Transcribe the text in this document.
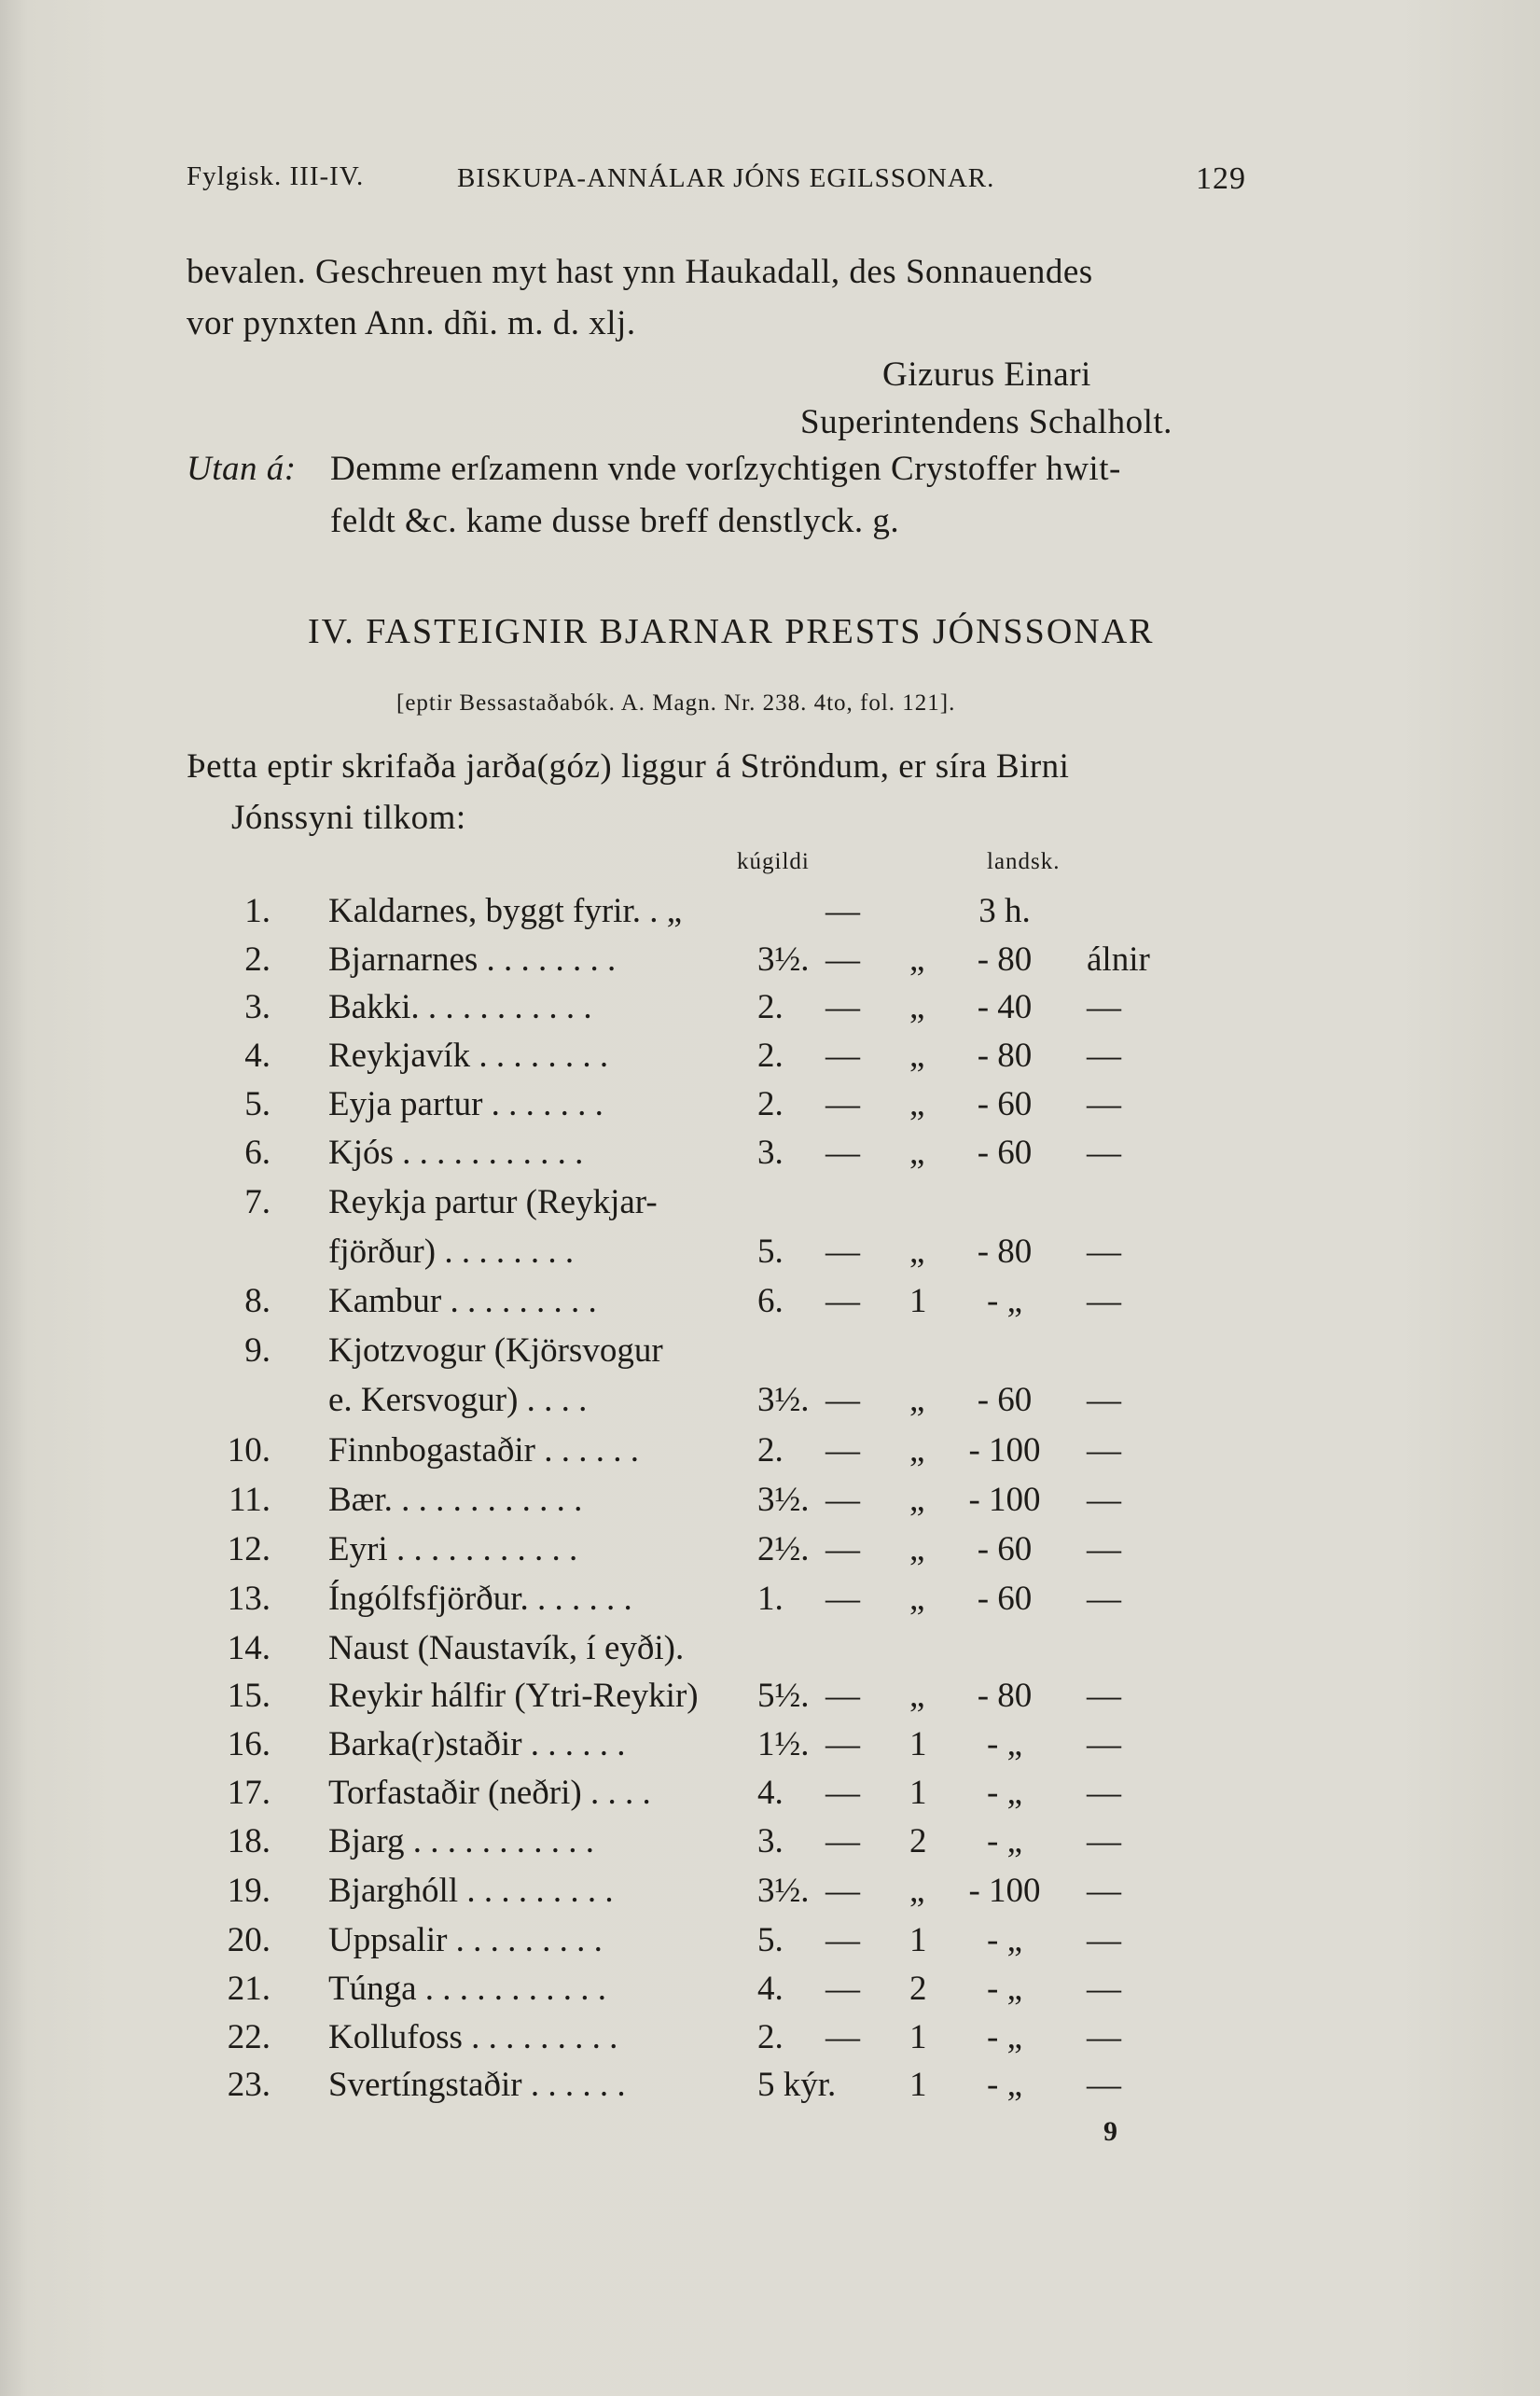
Fylgisk. III-IV.	BISKUPA-ANNÁLAR JÓNS EGILSSONAR.	129
bevalen. Geschreuen myt hast ynn Haukadall, des Sonnauendes
vor pynxten Ann. dñi. m. d. xlj.
Gizurus Einari
Superintendens Schalholt.
Utan á: Demme erſzamenn vnde vorſzychtigen Crystoffer hwit-
feldt &c. kame dusse breff denstlyck. g.
IV. FASTEIGNIR BJARNAR PRESTS JÓNSSONAR
[eptir Bessastaðabók. A. Magn. Nr. 238. 4to, fol. 121].
Þetta eptir skrifaða jarða(góz) liggur á Ströndum, er síra Birni
Jónssyni tilkom:
kúgildi	landsk.
1. Kaldarnes, byggt fyrir. . „	—	3 h.
2. Bjarnarnes . . . . . . . .	3½. — „	- 80	álnir
3. Bakki. . . . . . . . . . .	2. — „	- 40	—
4. Reykjavík . . . . . . . .	2. — „	- 80	—
5. Eyja partur . . . . . . .	2. — „	- 60	—
6. Kjós . . . . . . . . . . .	3. — „	- 60	—
7. Reykja partur (Reykjar-
fjörður) . . . . . . . .	5. — „	- 80	—
8. Kambur . . . . . . . . .	6. — 1	- „	—
9. Kjotzvogur (Kjörsvogur
e. Kersvogur) . . . .	3½. — „	- 60	—
10. Finnbogastaðir . . . . . .	2. — „ - 100 —
11. Bær. . . . . . . . . . . .	3½. — „ - 100 —
12. Eyri . . . . . . . . . . .	2½. — „	- 60	—
13. Íngólfsfjörður. . . . . . .	1. — „	- 60	—
14. Naust (Naustavík, í eyði).
15. Reykir hálfir (Ytri-Reykir) 5½. — „	- 80	—
16. Barka(r)staðir . . . . . .	1½. — 1	- „	—
17. Torfastaðir (neðri) . . . .	4. — 1	- „	—
18. Bjarg . . . . . . . . . . .	3. — 2	- „	—
19. Bjarghóll . . . . . . . . .	3½. — „ - 100 —
20. Uppsalir . . . . . . . . .	5. — 1	- „	—
21. Túnga . . . . . . . . . . .	4. — 2	- „	—
22. Kollufoss . . . . . . . . .	2. — 1	- „	—
23. Svertíngstaðir . . . . . .	5 kýr. 1	- „	—
9
